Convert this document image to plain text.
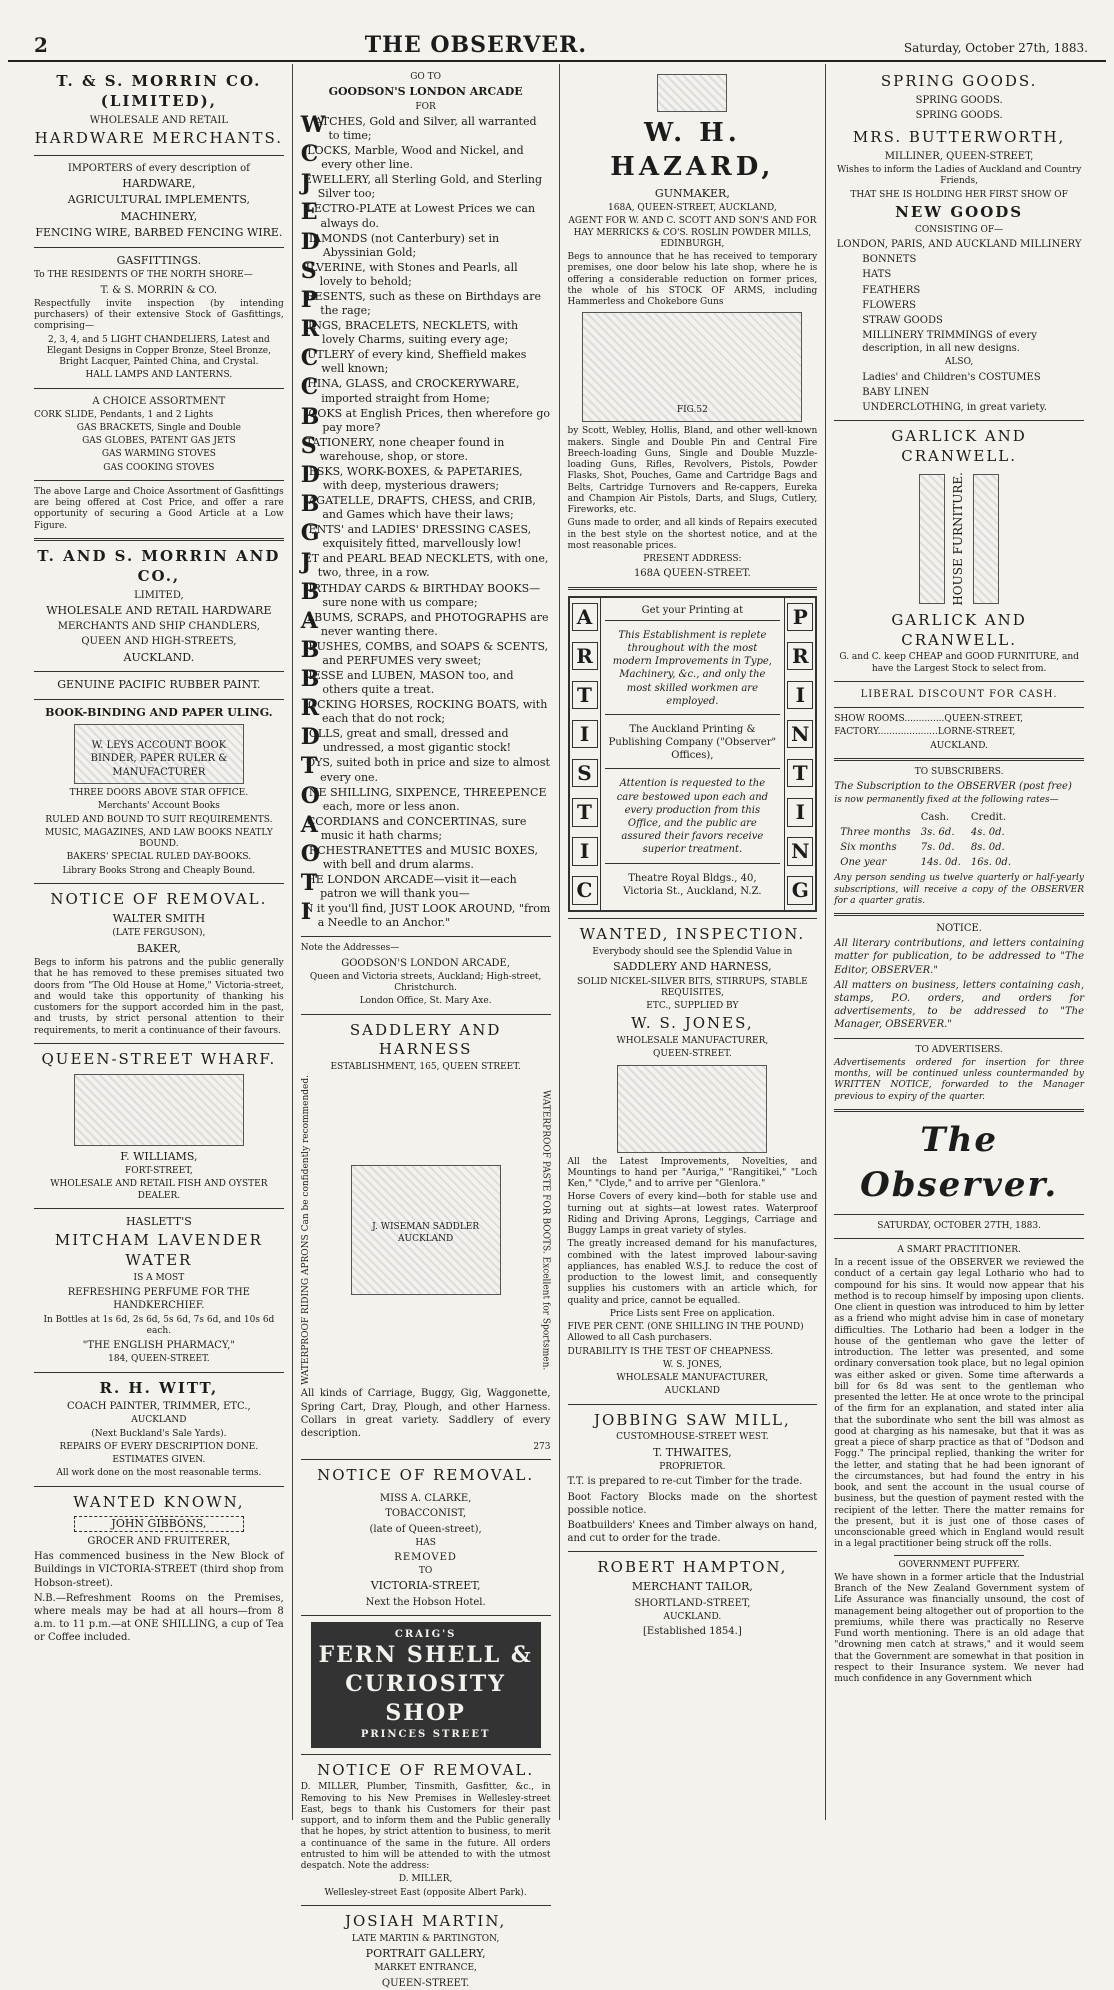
2	THE OBSERVER.	Saturday, October 27th, 1883.

T. & S. MORRIN CO. (LIMITED),

WHOLESALE AND RETAIL

HARDWARE MERCHANTS.

IMPORTERS of every description of

HARDWARE,

AGRICULTURAL IMPLEMENTS,

MACHINERY,

FENCING WIRE, BARBED FENCING WIRE.

GASFITTINGS.

To THE RESIDENTS OF THE NORTH SHORE—

T. & S. MORRIN & CO.

Respectfully invite inspection (by intending purchasers) of their extensive Stock of Gasfittings, comprising—

2, 3, 4, and 5 LIGHT CHANDELIERS, Latest and Elegant Designs in Copper Bronze, Steel Bronze, Bright Lacquer, Painted China, and Crystal.

HALL LAMPS AND LANTERNS.

A CHOICE ASSORTMENT

CORK SLIDE, Pendants, 1 and 2 Lights

GAS BRACKETS, Single and Double

GAS GLOBES, PATENT GAS JETS

GAS WARMING STOVES

GAS COOKING STOVES

The above Large and Choice Assortment of Gasfittings are being offered at Cost Price, and offer a rare opportunity of securing a Good Article at a Low Figure.

T. AND S. MORRIN AND CO.,

LIMITED,

WHOLESALE AND RETAIL HARDWARE

MERCHANTS AND SHIP CHANDLERS,

QUEEN AND HIGH-STREETS,

AUCKLAND.

GENUINE PACIFIC RUBBER PAINT.

BOOK-BINDING AND PAPER ULING.

W. LEYS ACCOUNT BOOK BINDER, PAPER RULER & MANUFACTURER

THREE DOORS ABOVE STAR OFFICE.

Merchants' Account Books

RULED AND BOUND TO SUIT REQUIREMENTS.

MUSIC, MAGAZINES, AND LAW BOOKS NEATLY BOUND.

BAKERS' SPECIAL RULED DAY-BOOKS.

Library Books Strong and Cheaply Bound.

NOTICE OF REMOVAL.

WALTER SMITH

(LATE FERGUSON),

BAKER,

Begs to inform his patrons and the public generally that he has removed to these premises situated two doors from "The Old House at Home," Victoria-street, and would take this opportunity of thanking his customers for the support accorded him in the past, and trusts, by strict personal attention to their requirements, to merit a continuance of their favours.

QUEEN-STREET WHARF.

F. WILLIAMS,

FORT-STREET,

WHOLESALE AND RETAIL FISH AND OYSTER DEALER.

HASLETT'S

MITCHAM LAVENDER WATER

IS A MOST

REFRESHING PERFUME FOR THE HANDKERCHIEF.

In Bottles at 1s 6d, 2s 6d, 5s 6d, 7s 6d, and 10s 6d each.

"THE ENGLISH PHARMACY,"

184, QUEEN-STREET.

R. H. WITT,

COACH PAINTER, TRIMMER, ETC.,

AUCKLAND

(Next Buckland's Sale Yards).

REPAIRS OF EVERY DESCRIPTION DONE.

ESTIMATES GIVEN.

All work done on the most reasonable terms.

WANTED KNOWN,

JOHN GIBBONS,

GROCER AND FRUITERER,

Has commenced business in the New Block of Buildings in VICTORIA-STREET (third shop from Hobson-street).

N.B.—Refreshment Rooms on the Premises, where meals may be had at all hours—from 8 a.m. to 11 p.m.—at ONE SHILLING, a cup of Tea or Coffee included.

GO TO

GOODSON'S LONDON ARCADE

FOR

WATCHES, Gold and Silver, all warranted to time;
CLOCKS, Marble, Wood and Nickel, and every other line.
JEWELLERY, all Sterling Gold, and Sterling Silver too;
ELECTRO-PLATE at Lowest Prices we can always do.
DIAMONDS (not Canterbury) set in Abyssinian Gold;
SILVERINE, with Stones and Pearls, all lovely to behold;
PRESENTS, such as these on Birthdays are the rage;
RINGS, BRACELETS, NECKLETS, with lovely Charms, suiting every age;
CUTLERY of every kind, Sheffield makes well known;
CHINA, GLASS, and CROCKERYWARE, imported straight from Home;
BOOKS at English Prices, then wherefore go pay more?
STATIONERY, none cheaper found in warehouse, shop, or store.
DESKS, WORK-BOXES, & PAPETARIES, with deep, mysterious drawers;
BAGATELLE, DRAFTS, CHESS, and CRIB, and Games which have their laws;
GENTS' and LADIES' DRESSING CASES, exquisitely fitted, marvellously low!
JET and PEARL BEAD NECKLETS, with one, two, three, in a row.
BIRTHDAY CARDS & BIRTHDAY BOOKS—sure none with us compare;
ALBUMS, SCRAPS, and PHOTOGRAPHS are never wanting there.
BRUSHES, COMBS, and SOAPS & SCENTS, and PERFUMES very sweet;
BIESSE and LUBEN, MASON too, and others quite a treat.
ROCKING HORSES, ROCKING BOATS, with each that do not rock;
DOLLS, great and small, dressed and undressed, a most gigantic stock!
TOYS, suited both in price and size to almost every one.
ONE SHILLING, SIXPENCE, THREEPENCE each, more or less anon.
ACCORDIANS and CONCERTINAS, sure music it hath charms;
ORCHESTRANETTES and MUSIC BOXES, with bell and drum alarms.
THE LONDON ARCADE—visit it—each patron we will thank you—
IN it you'll find, JUST LOOK AROUND, "from a Needle to an Anchor."

Note the Addresses—

GOODSON'S LONDON ARCADE,

Queen and Victoria streets, Auckland; High-street, Christchurch.

London Office, St. Mary Axe.

SADDLERY AND HARNESS

ESTABLISHMENT, 165, QUEEN STREET.

WATERPROOF RIDING APRONS Can be confidently recommended.	J. WISEMAN SADDLER AUCKLAND	WATERPROOF PASTE FOR BOOTS. Excellent for Sportsmen.

All kinds of Carriage, Buggy, Gig, Waggonette, Spring Cart, Dray, Plough, and other Harness. Collars in great variety. Saddlery of every description.

273

NOTICE OF REMOVAL.

MISS A. CLARKE,

TOBACCONIST,

(late of Queen-street),

HAS

REMOVED

TO

VICTORIA-STREET,

Next the Hobson Hotel.

CRAIG'S
FERN SHELL &
CURIOSITY SHOP
PRINCES STREET

NOTICE OF REMOVAL.

D. MILLER, Plumber, Tinsmith, Gasfitter, &c., in Removing to his New Premises in Wellesley-street East, begs to thank his Customers for their past support, and to inform them and the Public generally that he hopes, by strict attention to business, to merit a continuance of the same in the future. All orders entrusted to him will be attended to with the utmost despatch. Note the address:

D. MILLER,

Wellesley-street East (opposite Albert Park).

JOSIAH MARTIN,

LATE MARTIN & PARTINGTON,

PORTRAIT GALLERY,

MARKET ENTRANCE,

QUEEN-STREET.

W. H. HAZARD,

GUNMAKER,

168A, QUEEN-STREET, AUCKLAND,

AGENT FOR W. AND C. SCOTT AND SON'S AND FOR HAY MERRICKS & CO'S. ROSLIN POWDER MILLS, EDINBURGH,

Begs to announce that he has received to temporary premises, one door below his late shop, where he is offering a considerable reduction on former prices, the whole of his STOCK OF ARMS, including Hammerless and Chokebore Guns

FIG.52

by Scott, Webley, Hollis, Bland, and other well-known makers. Single and Double Pin and Central Fire Breech-loading Guns, Single and Double Muzzle-loading Guns, Rifles, Revolvers, Pistols, Powder Flasks, Shot, Pouches, Game and Cartridge Bags and Belts, Cartridge Turnovers and Re-cappers, Eureka and Champion Air Pistols, Darts, and Slugs, Cutlery, Fireworks, etc.

Guns made to order, and all kinds of Repairs executed in the best style on the shortest notice, and at the most reasonable prices.

PRESENT ADDRESS:

168A QUEEN-STREET.

A
R
T
I
S
T
I
C

Get your Printing at

This Establishment is replete throughout with the most modern Improvements in Type, Machinery, &c., and only the most skilled workmen are employed.

The Auckland Printing & Publishing Company ("Observer" Offices),

Attention is requested to the care bestowed upon each and every production from this Office, and the public are assured their favors receive superior treatment.

Theatre Royal Bldgs., 40, Victoria St., Auckland, N.Z.

P
R
I
N
T
I
N
G

WANTED, INSPECTION.

Everybody should see the Splendid Value in

SADDLERY AND HARNESS,

SOLID NICKEL-SILVER BITS, STIRRUPS, STABLE REQUISITES,

ETC., SUPPLIED BY

W. S. JONES,

WHOLESALE MANUFACTURER,

QUEEN-STREET.

All the Latest Improvements, Novelties, and Mountings to hand per "Auriga," "Rangitikei," "Loch Ken," "Clyde," and to arrive per "Glenlora."

Horse Covers of every kind—both for stable use and turning out at sights—at lowest rates. Waterproof Riding and Driving Aprons, Leggings, Carriage and Buggy Lamps in great variety of styles.

The greatly increased demand for his manufactures, combined with the latest improved labour-saving appliances, has enabled W.S.J. to reduce the cost of production to the lowest limit, and consequently supplies his customers with an article which, for quality and price, cannot be equalled.

Price Lists sent Free on application.

FIVE PER CENT. (ONE SHILLING IN THE POUND) Allowed to all Cash purchasers.

DURABILITY IS THE TEST OF CHEAPNESS.

W. S. JONES,

WHOLESALE MANUFACTURER,

AUCKLAND

JOBBING SAW MILL,

CUSTOMHOUSE-STREET WEST.

T. THWAITES,

PROPRIETOR.

T.T. is prepared to re-cut Timber for the trade.

Boot Factory Blocks made on the shortest possible notice.

Boatbuilders' Knees and Timber always on hand, and cut to order for the trade.

ROBERT HAMPTON,

MERCHANT TAILOR,

SHORTLAND-STREET,

AUCKLAND.

[Established 1854.]

SPRING GOODS.

SPRING GOODS.

SPRING GOODS.

MRS. BUTTERWORTH,

MILLINER, QUEEN-STREET,

Wishes to inform the Ladies of Auckland and Country Friends,

THAT SHE IS HOLDING HER FIRST SHOW OF

NEW GOODS

CONSISTING OF—

LONDON, PARIS, AND AUCKLAND MILLINERY

BONNETS

HATS

FEATHERS

FLOWERS

STRAW GOODS

MILLINERY TRIMMINGS of every description, in all new designs.

ALSO,

Ladies' and Children's COSTUMES

BABY LINEN

UNDERCLOTHING, in great variety.

GARLICK AND CRANWELL.

HOUSE FURNITURE.

GARLICK AND CRANWELL.

G. and C. keep CHEAP and GOOD FURNITURE, and have the Largest Stock to select from.

LIBERAL DISCOUNT FOR CASH.

SHOW ROOMS..............QUEEN-STREET,

FACTORY.....................LORNE-STREET,

AUCKLAND.

TO SUBSCRIBERS.

The Subscription to the OBSERVER (post free)

is now permanently fixed at the following rates—

	Cash.	Credit.
Three months	3s. 6d.	4s. 0d.
Six months	7s. 0d.	8s. 0d.
One year	14s. 0d.	16s. 0d.

Any person sending us twelve quarterly or half-yearly subscriptions, will receive a copy of the OBSERVER for a quarter gratis.

NOTICE.

All literary contributions, and letters containing matter for publication, to be addressed to "The Editor, OBSERVER."

All matters on business, letters containing cash, stamps, P.O. orders, and orders for advertisements, to be addressed to "The Manager, OBSERVER."

TO ADVERTISERS.

Advertisements ordered for insertion for three months, will be continued unless countermanded by WRITTEN NOTICE, forwarded to the Manager previous to expiry of the quarter.

The Observer.

SATURDAY, OCTOBER 27TH, 1883.

A SMART PRACTITIONER.

In a recent issue of the OBSERVER we reviewed the conduct of a certain gay legal Lothario who had to compound for his sins. It would now appear that his method is to recoup himself by imposing upon clients. One client in question was introduced to him by letter as a friend who might advise him in case of monetary difficulties. The Lothario had been a lodger in the house of the gentleman who gave the letter of introduction. The letter was presented, and some ordinary conversation took place, but no legal opinion was either asked or given. Some time afterwards a bill for 6s 8d was sent to the gentleman who presented the letter. He at once wrote to the principal of the firm for an explanation, and stated inter alia that the subordinate who sent the bill was almost as good at charging as his namesake, but that it was as great a piece of sharp practice as that of "Dodson and Fogg." The principal replied, thanking the writer for the letter, and stating that he had been ignorant of the circumstances, but had found the entry in his book, and sent the account in the usual course of business, but the question of payment rested with the recipient of the letter. There the matter remains for the present, but it is just one of those cases of unconscionable greed which in England would result in a legal practitioner being struck off the rolls.

GOVERNMENT PUFFERY.

We have shown in a former article that the Industrial Branch of the New Zealand Government system of Life Assurance was financially unsound, the cost of management being altogether out of proportion to the premiums, while there was practically no Reserve Fund worth mentioning. There is an old adage that "drowning men catch at straws," and it would seem that the Government are somewhat in that position in respect to their Insurance system. We never had much confidence in any Government which
